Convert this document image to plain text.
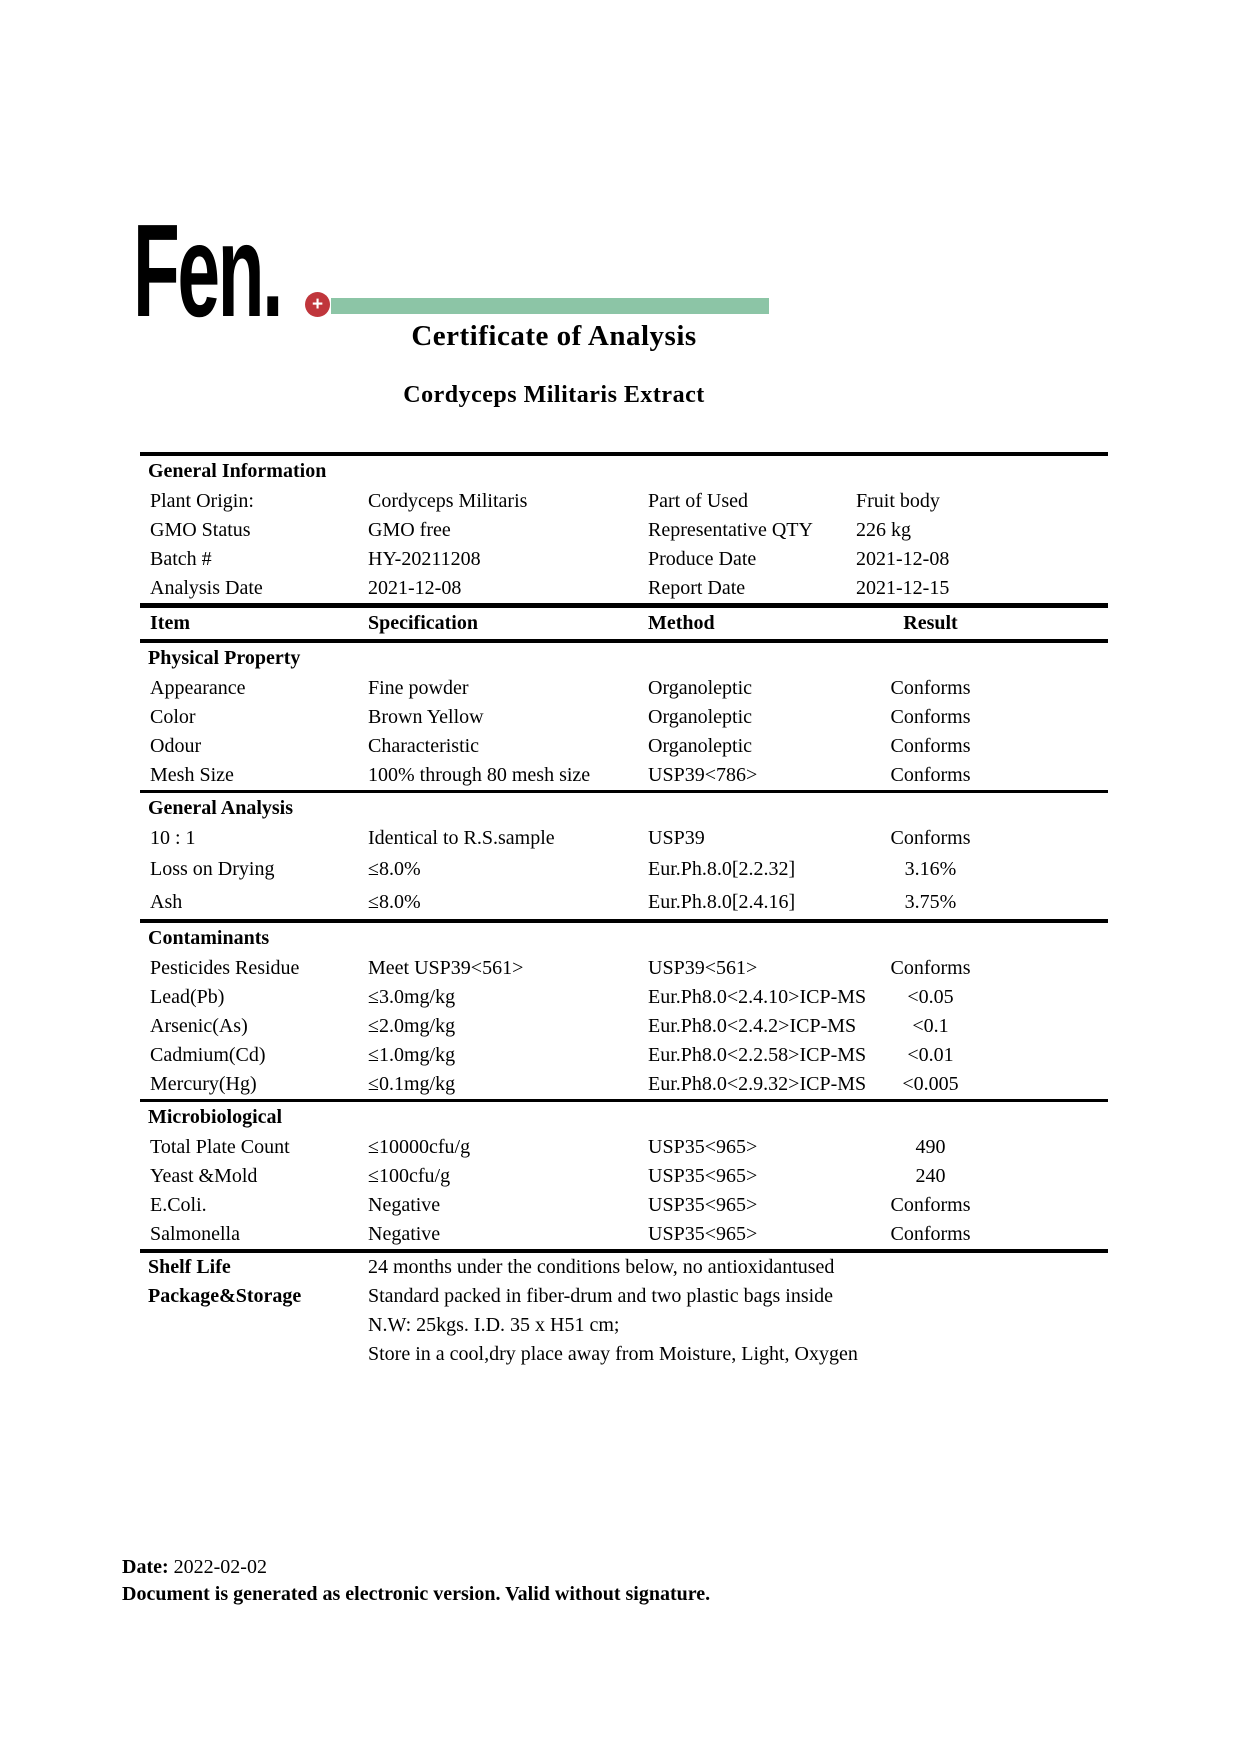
Fen.	+
Certificate of Analysis
Cordyceps Militaris Extract
General Information
Plant Origin:	Cordyceps Militaris	Part of Used	Fruit body
GMO Status	GMO free	Representative QTY	226 kg
Batch #	HY-20211208	Produce Date	2021-12-08
Analysis Date	2021-12-08	Report Date	2021-12-15
Item	Specification	Method	Result
Physical Property
Appearance	Fine powder	Organoleptic	Conforms
Color	Brown Yellow	Organoleptic	Conforms
Odour	Characteristic	Organoleptic	Conforms
Mesh Size	100% through 80 mesh size	USP39<786>	Conforms
General Analysis
10 : 1	Identical to R.S.sample	USP39	Conforms
Loss on Drying	≤8.0%	Eur.Ph.8.0[2.2.32]	3.16%
Ash	≤8.0%	Eur.Ph.8.0[2.4.16]	3.75%
Contaminants
Pesticides Residue	Meet USP39<561>	USP39<561>	Conforms
Lead(Pb)	≤3.0mg/kg	Eur.Ph8.0<2.4.10>ICP-MS	<0.05
Arsenic(As)	≤2.0mg/kg	Eur.Ph8.0<2.4.2>ICP-MS	<0.1
Cadmium(Cd)	≤1.0mg/kg	Eur.Ph8.0<2.2.58>ICP-MS	<0.01
Mercury(Hg)	≤0.1mg/kg	Eur.Ph8.0<2.9.32>ICP-MS	<0.005
Microbiological
Total Plate Count	≤10000cfu/g	USP35<965>	490
Yeast &Mold	≤100cfu/g	USP35<965>	240
E.Coli.	Negative	USP35<965>	Conforms
Salmonella	Negative	USP35<965>	Conforms
Shelf Life	24 months under the conditions below, no antioxidantused
Package&Storage	Standard packed in fiber-drum and two plastic bags inside
N.W: 25kgs. I.D. 35 x H51 cm;
Store in a cool,dry place away from Moisture, Light, Oxygen
Date: 2022-02-02
Document is generated as electronic version. Valid without signature.
